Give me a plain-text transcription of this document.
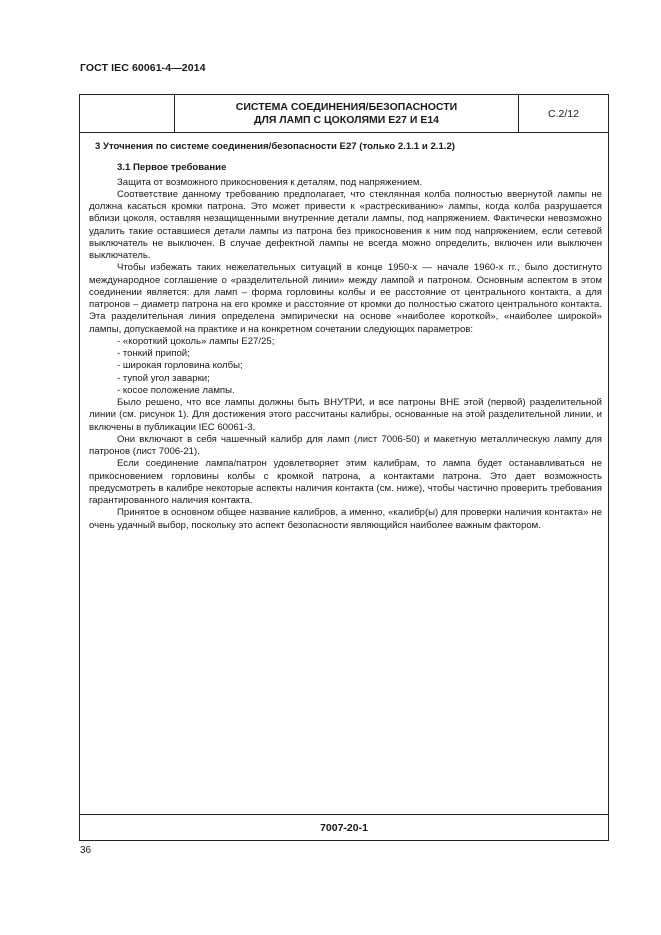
ГОСТ IEC 60061-4—2014
СИСТЕМА СОЕДИНЕНИЯ/БЕЗОПАСНОСТИ
ДЛЯ ЛАМП С ЦОКОЛЯМИ Е27 И Е14	С.2/12
3 Уточнения по системе соединения/безопасности Е27 (только 2.1.1 и 2.1.2)
3.1 Первое требование

Защита от возможного прикосновения к деталям, под напряжением.

Соответствие данному требованию предполагает, что стеклянная колба полностью ввернутой лампы не должна касаться кромки патрона. Это может привести к «растрескиванию» лампы, когда колба разрушается вблизи цоколя, оставляя незащищенными внутренние детали лампы, под напряжением. Фактически невозможно удалить такие оставшиеся детали лампы из патрона без прикосновения к ним под напряжением, если сетевой выключатель не выключен. В случае дефектной лампы не всегда можно определить, включен или выключен выключатель.

Чтобы избежать таких нежелательных ситуаций в конце 1950-х — начале 1960-х гг., было достигнуто международное соглашение о «разделительной линии» между лампой и патроном. Основным аспектом в этом соединении является: для ламп – форма горловины колбы и ее расстояние от центрального контакта, а для патронов – диаметр патрона на его кромке и расстояние от кромки до полностью сжатого центрального контакта. Эта разделительная линия определена эмпирически на основе «наиболее короткой», «наиболее широкой» лампы, допускаемой на практике и на конкретном сочетании следующих параметров:

- «короткий цоколь» лампы Е27/25;
- тонкий припой;
- широкая горловина колбы;
- тупой угол заварки;
- косое положение лампы.

Было решено, что все лампы должны быть ВНУТРИ, и все патроны ВНЕ этой (первой) разделительной линии (см. рисунок 1). Для достижения этого рассчитаны калибры, основанные на этой разделительной линии, и включены в публикации IEC 60061-3.

Они включают в себя чашечный калибр для ламп (лист 7006-50) и макетную металлическую лампу для патронов (лист 7006-21).

Если соединение лампа/патрон удовлетворяет этим калибрам, то лампа будет останавливаться не прикосновением горловины колбы с кромкой патрона, а контактами патрона. Это дает возможность предусмотреть в калибре некоторые аспекты наличия контакта (см. ниже), чтобы частично проверить требования гарантированного наличия контакта.

Принятое в основном общее название калибров, а именно, «калибр(ы) для проверки наличия контакта» не очень удачный выбор, поскольку это аспект безопасности являющийся наиболее важным фактором.

7007-20-1
36
